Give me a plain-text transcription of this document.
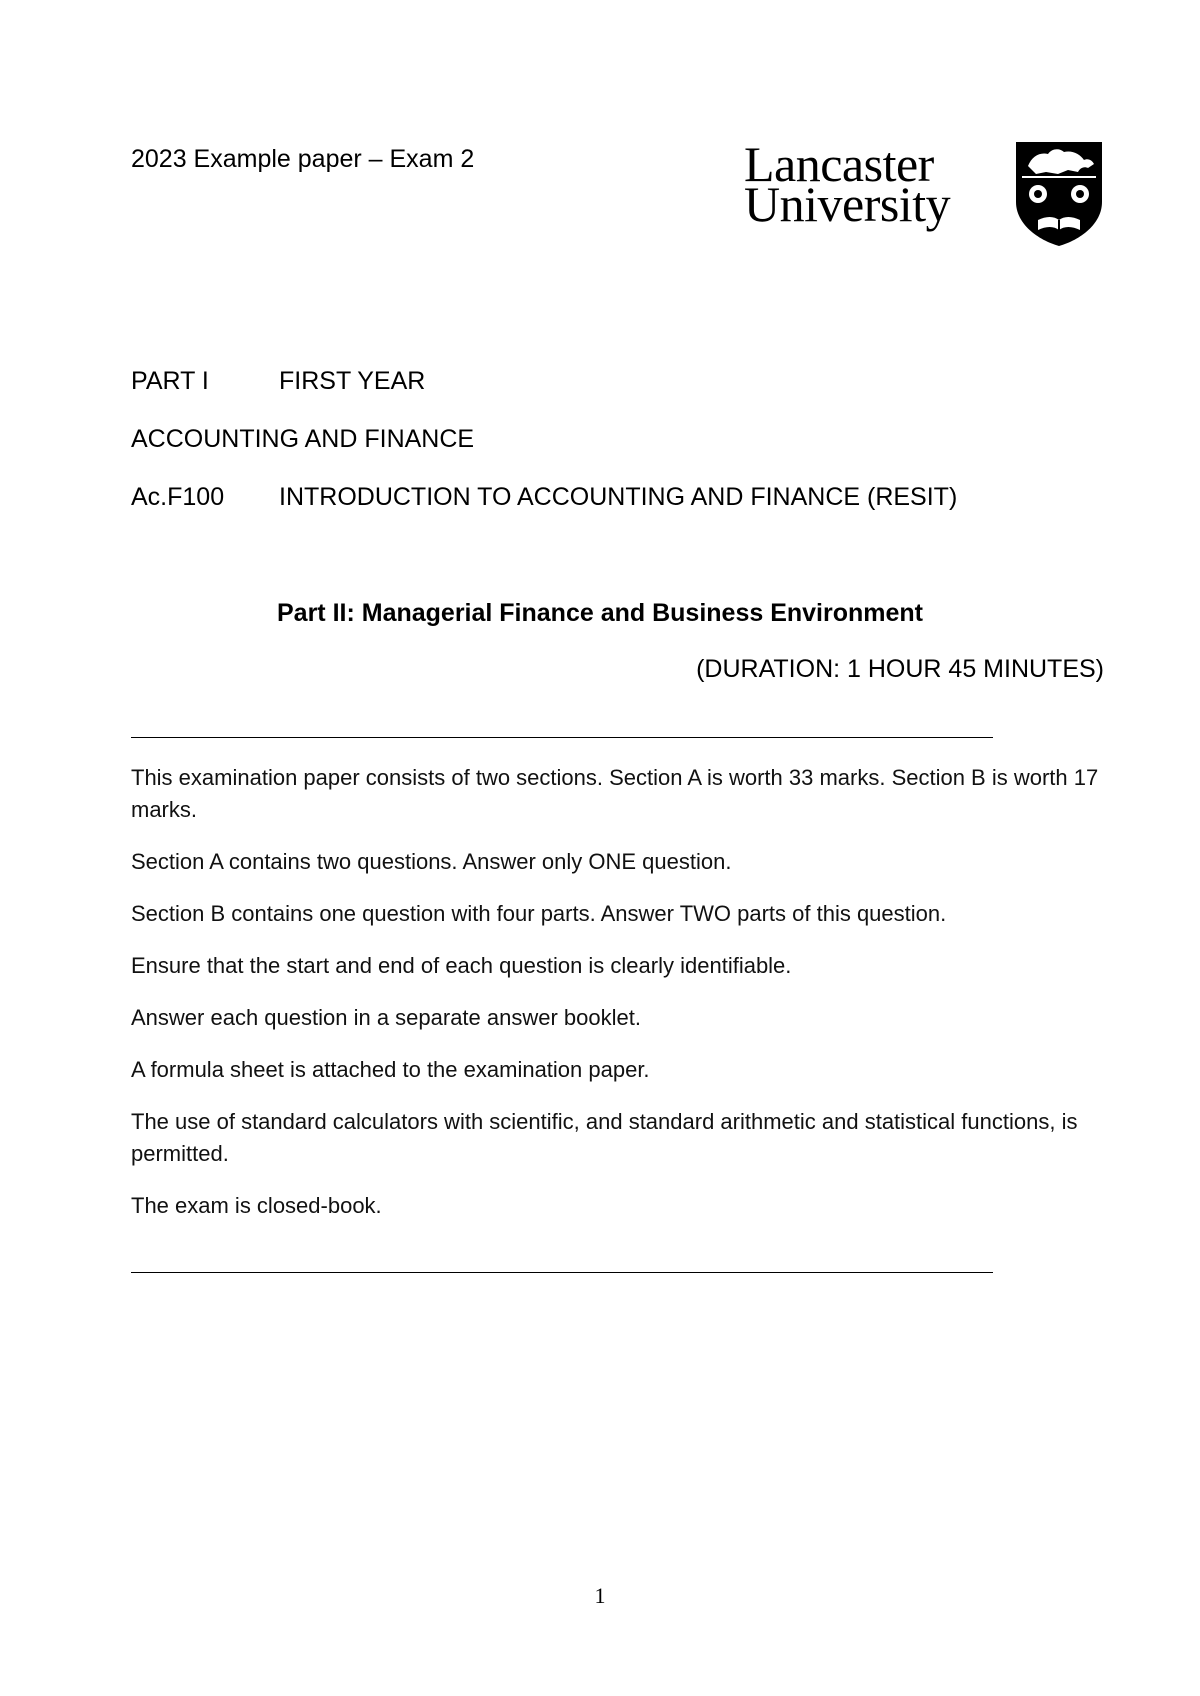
2023 Example paper – Exam 2	Lancaster
University
PART I	FIRST YEAR
ACCOUNTING AND FINANCE
Ac.F100 INTRODUCTION TO ACCOUNTING AND FINANCE (RESIT)
Part II: Managerial Finance and Business Environment
(DURATION: 1 HOUR 45 MINUTES)

This examination paper consists of two sections. Section A is worth 33 marks. Section B is worth 17 marks.

Section A contains two questions. Answer only ONE question.

Section B contains one question with four parts. Answer TWO parts of this question.

Ensure that the start and end of each question is clearly identifiable.

Answer each question in a separate answer booklet.

A formula sheet is attached to the examination paper.

The use of standard calculators with scientific, and standard arithmetic and statistical functions, is permitted.

The exam is closed-book.

1
